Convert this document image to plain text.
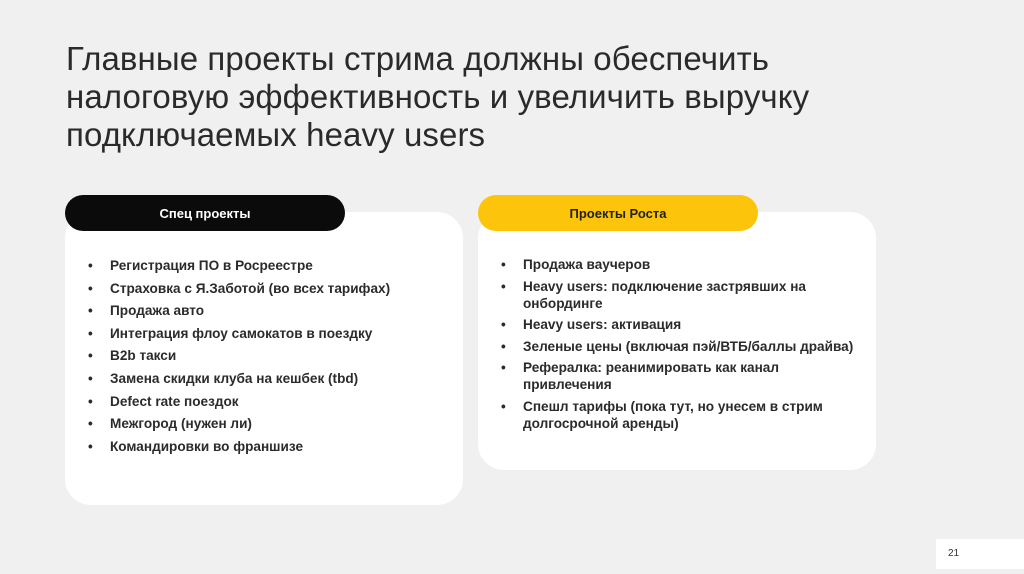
Главные проекты стрима должны обеспечить
налоговую эффективность и увеличить выручку
подключаемых heavy users
Спец проекты
• Регистрация ПО в Росреестре
• Страховка с Я.Заботой (во всех тарифах)
• Продажа авто
• Интеграция флоу самокатов в поездку
• B2b такси
• Замена скидки клуба на кешбек (tbd)
• Defect rate поездок
• Межгород (нужен ли)
• Командировки во франшизе
Проекты Роста
• Продажа ваучеров
• Heavy users: подключение застрявших на онбординге
• Heavy users: активация
• Зеленые цены (включая пэй/ВТБ/баллы драйва)
• Рефералка: реанимировать как канал привлечения
• Спешл тарифы (пока тут, но унесем в стрим долгосрочной аренды)
21
